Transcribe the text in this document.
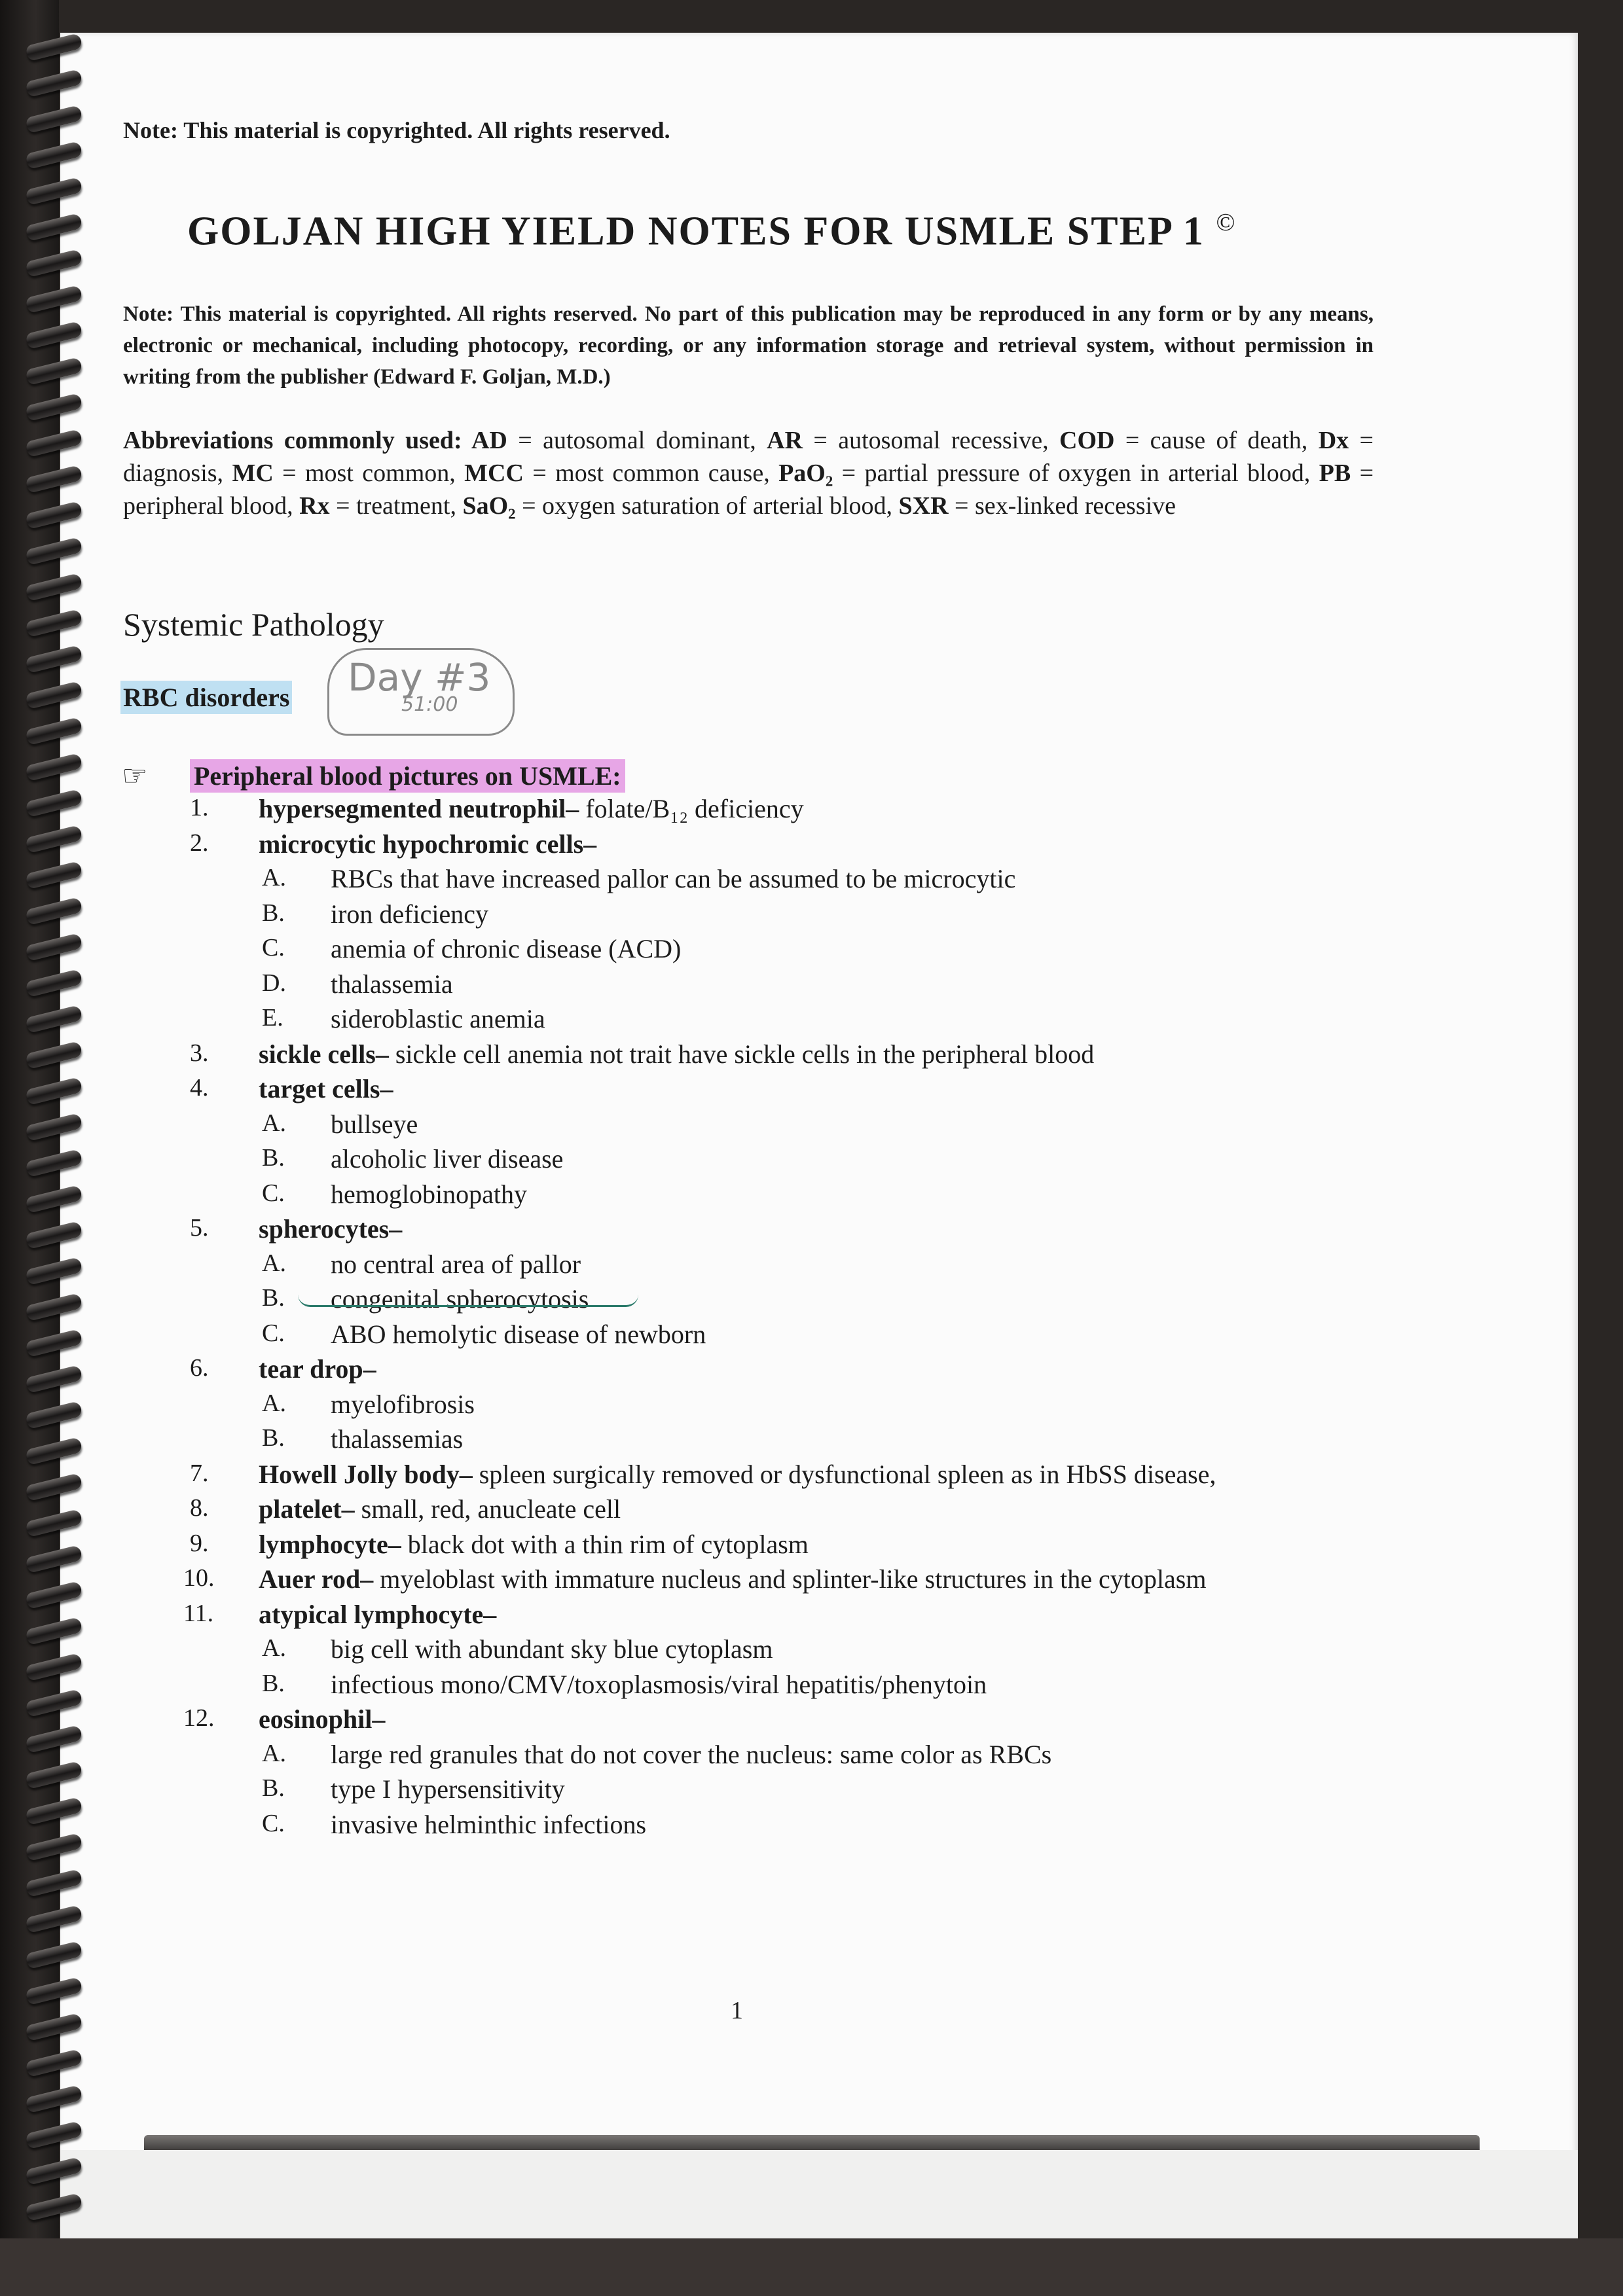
Note: This material is copyrighted. All rights reserved.
GOLJAN HIGH YIELD NOTES FOR USMLE STEP 1 ©
Note: This material is copyrighted. All rights reserved. No part of this publication may be reproduced in any form or by any means, electronic or mechanical, including photocopy, recording, or any information storage and retrieval system, without permission in writing from the publisher (Edward F. Goljan, M.D.)
Abbreviations commonly used: AD = autosomal dominant, AR = autosomal recessive, COD = cause of death, Dx = diagnosis, MC = most common, MCC = most common cause, PaO₂ = partial pressure of oxygen in arterial blood, PB = peripheral blood, Rx = treatment, SaO₂ = oxygen saturation of arterial blood, SXR = sex-linked recessive
Systemic Pathology
RBC disorders Day #3
51:00
☞ Peripheral blood pictures on USMLE:
1. hypersegmented neutrophil– folate/B₁₂ deficiency
2. microcytic hypochromic cells–
A. RBCs that have increased pallor can be assumed to be microcytic
B. iron deficiency
C. anemia of chronic disease (ACD)
D. thalassemia
E. sideroblastic anemia
3. sickle cells– sickle cell anemia not trait have sickle cells in the peripheral blood
4. target cells–
A. bullseye
B. alcoholic liver disease
C. hemoglobinopathy
5. spherocytes–
A. no central area of pallor
B. congenital spherocytosis
C. ABO hemolytic disease of newborn
6. tear drop–
A. myelofibrosis
B. thalassemias
7. Howell Jolly body– spleen surgically removed or dysfunctional spleen as in HbSS disease,
8. platelet– small, red, anucleate cell
9. lymphocyte– black dot with a thin rim of cytoplasm
10. Auer rod– myeloblast with immature nucleus and splinter-like structures in the cytoplasm
11. atypical lymphocyte–
A. big cell with abundant sky blue cytoplasm
B. infectious mono/CMV/toxoplasmosis/viral hepatitis/phenytoin
12. eosinophil–
A. large red granules that do not cover the nucleus: same color as RBCs
B. type I hypersensitivity
C. invasive helminthic infections
1
